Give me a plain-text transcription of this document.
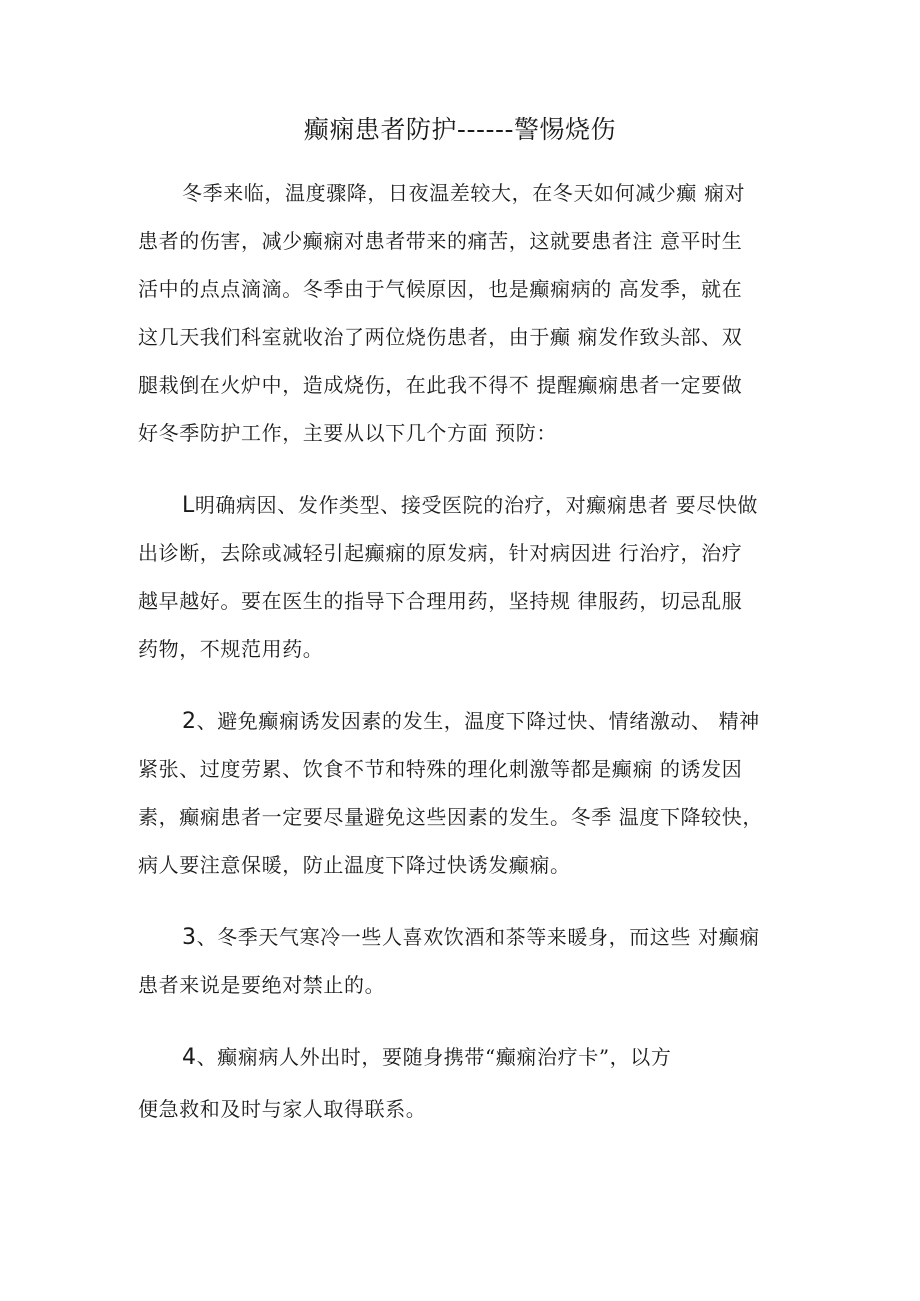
癫痫患者防护------警惕烧伤
冬季来临，温度骤降，日夜温差较大，在冬天如何减少癫 痫对
患者的伤害，减少癫痫对患者带来的痛苦，这就要患者注 意平时生
活中的点点滴滴。冬季由于气候原因，也是癫痫病的 高发季，就在
这几天我们科室就收治了两位烧伤患者，由于癫 痫发作致头部、双
腿栽倒在火炉中，造成烧伤，在此我不得不 提醒癫痫患者一定要做
好冬季防护工作，主要从以下几个方面 预防：
L明确病因、发作类型、接受医院的治疗，对癫痫患者 要尽快做
出诊断，去除或减轻引起癫痫的原发病，针对病因进 行治疗，治疗
越早越好。要在医生的指导下合理用药，坚持规 律服药，切忌乱服
药物，不规范用药。
2、避免癫痫诱发因素的发生，温度下降过快、情绪激动、 精神
紧张、过度劳累、饮食不节和特殊的理化刺激等都是癫痫 的诱发因
素，癫痫患者一定要尽量避免这些因素的发生。冬季 温度下降较快，
病人要注意保暖，防止温度下降过快诱发癫痫。
3、冬季天气寒冷一些人喜欢饮酒和茶等来暖身，而这些 对癫痫
患者来说是要绝对禁止的。
4、癫痫病人外出时，要随身携带“癫痫治疗卡”，以方
便急救和及时与家人取得联系。
